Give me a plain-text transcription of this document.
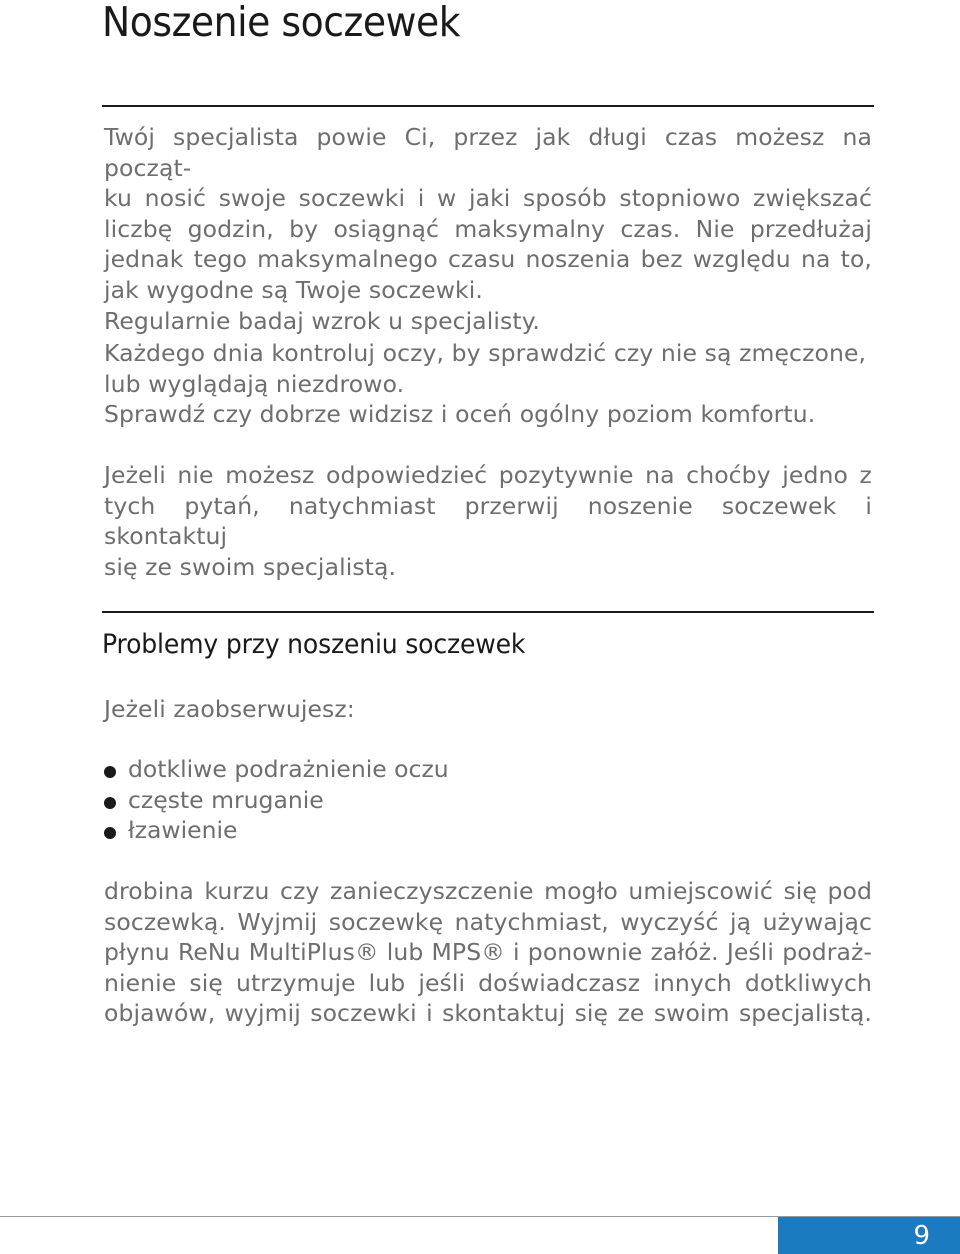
Noszenie soczewek
Twój specjalista powie Ci, przez jak długi czas możesz na począt-
ku nosić swoje soczewki i w jaki sposób stopniowo zwiększać
liczbę godzin, by osiągnąć maksymalny czas. Nie przedłużaj
jednak tego maksymalnego czasu noszenia bez względu na to,
jak wygodne są Twoje soczewki.
Regularnie badaj wzrok u specjalisty.
Każdego dnia kontroluj oczy, by sprawdzić czy nie są zmęczone,
lub wyglądają niezdrowo.
Sprawdź czy dobrze widzisz i oceń ogólny poziom komfortu.
Jeżeli nie możesz odpowiedzieć pozytywnie na choćby jedno z
tych pytań, natychmiast przerwij noszenie soczewek i skontaktuj
się ze swoim specjalistą.
Problemy przy noszeniu soczewek
Jeżeli zaobserwujesz:
dotkliwe podrażnienie oczu
częste mruganie
łzawienie
drobina kurzu czy zanieczyszczenie mogło umiejscowić się pod
soczewką. Wyjmij soczewkę natychmiast, wyczyść ją używając
płynu ReNu MultiPlus® lub MPS® i ponownie załóż. Jeśli podraż-
nienie się utrzymuje lub jeśli doświadczasz innych dotkliwych
objawów, wyjmij soczewki i skontaktuj się ze swoim specjalistą.
9
